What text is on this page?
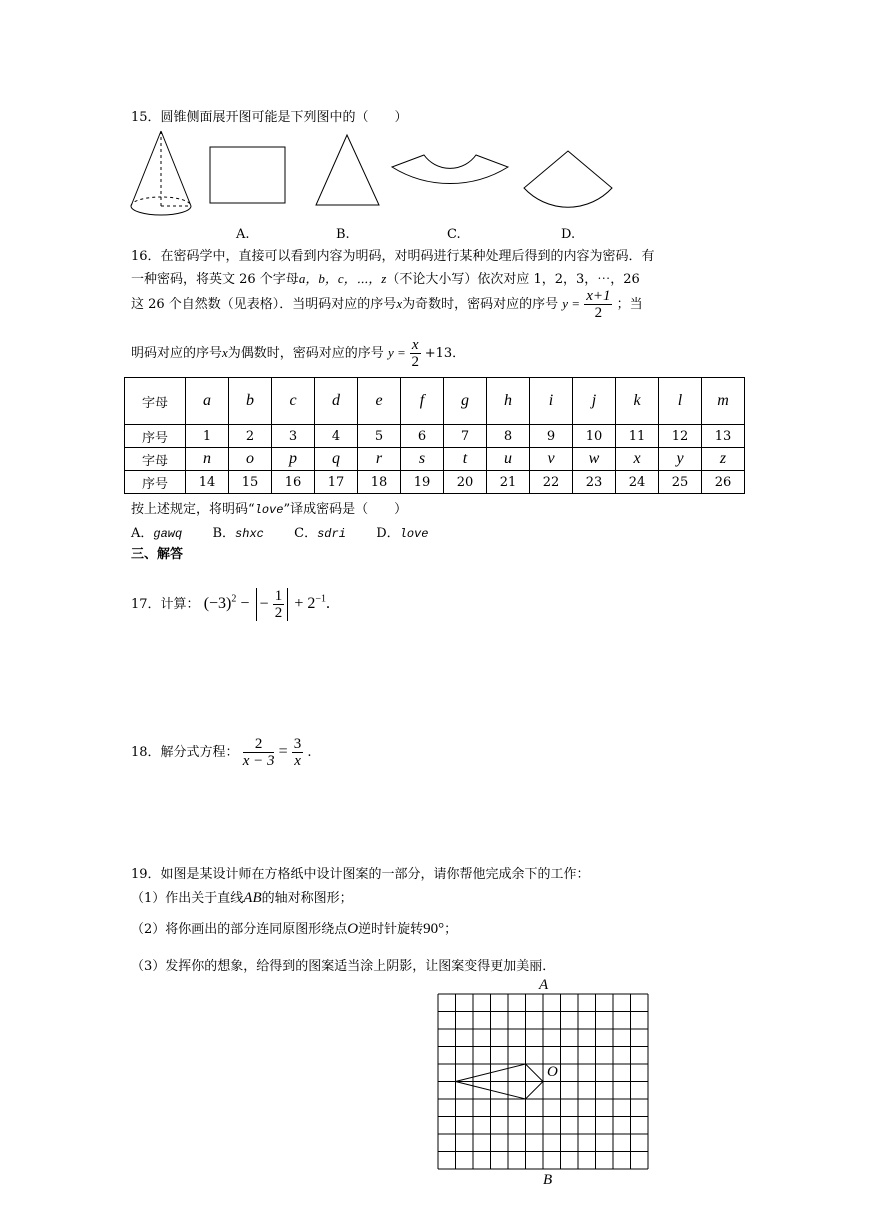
15．圆锥侧面展开图可能是下列图中的（　　）
A.	B.	C.	D.
16．在密码学中，直接可以看到内容为明码，对明码进行某种处理后得到的内容为密码．有
一种密码，将英文 26 个字母a，b，c，⋯，z（不论大小写）依次对应 1，2，3，⋯，26
这 26 个自然数（见表格）．当明码对应的序号x为奇数时，密码对应的序号 $y = \frac{x+1}{2}$ ；当
明码对应的序号x为偶数时，密码对应的序号 $y = \frac{x}{2} +13$．
字母	a	b	c	d	e	f	g	h	i	j	k	l	m
序号	1	2	3	4	5	6	7	8	9	10	11	12	13
字母	n	o	p	q	r	s	t	u	v	w	x	y	z
序号	14	15	16	17	18	19	20	21	22	23	24	25	26
按上述规定，将明码“love”译成密码是（　　）
A．gawq B．shxc C．sdri D．love
三、解答
17．计算： $(-3)^2$ − − $\frac{1}{2} + 2^{-1}$.
18．解分式方程： $\frac{2}{x - 3} = \frac{3}{x}$ .
19．如图是某设计师在方格纸中设计图案的一部分，请你帮他完成余下的工作：
（1）作出关于直线AB的轴对称图形；
（2）将你画出的部分连同原图形绕点O逆时针旋转90°；
（3）发挥你的想象，给得到的图案适当涂上阴影，让图案变得更加美丽．
A
O
B
